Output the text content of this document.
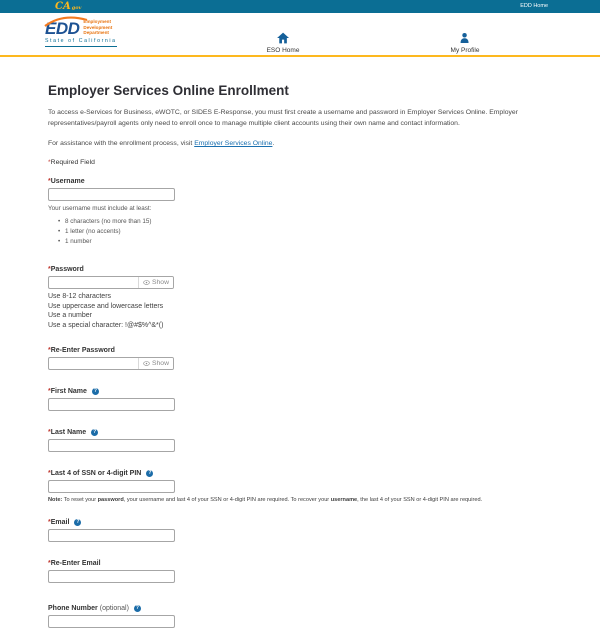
CA gov	EDD Home
EDD Employment
Development
Department
State of California
ESO Home	My Profile
Employer Services Online Enrollment

To access e-Services for Business, eWOTC, or SIDES E-Response, you must first create a username and password in Employer Services Online. Employer representatives/payroll agents only need to enroll once to manage multiple client accounts using their own name and contact information.

For assistance with the enrollment process, visit Employer Services Online.

*Required Field
*Username
Your username must include at least:
• 8 characters (no more than 15)
• 1 letter (no accents)
• 1 number
*Password
Show
Use 8-12 characters
Use uppercase and lowercase letters
Use a number
Use a special character: !@#$%^&*()
*Re-Enter Password
Show
*First Name	?
*Last Name	?
*Last 4 of SSN or 4-digit PIN	?
Note: To reset your password, your username and last 4 of your SSN or 4-digit PIN are required. To recover your username, the last 4 of your SSN or 4-digit PIN are required.
*Email	?
*Re-Enter Email
Phone Number (optional)	?
